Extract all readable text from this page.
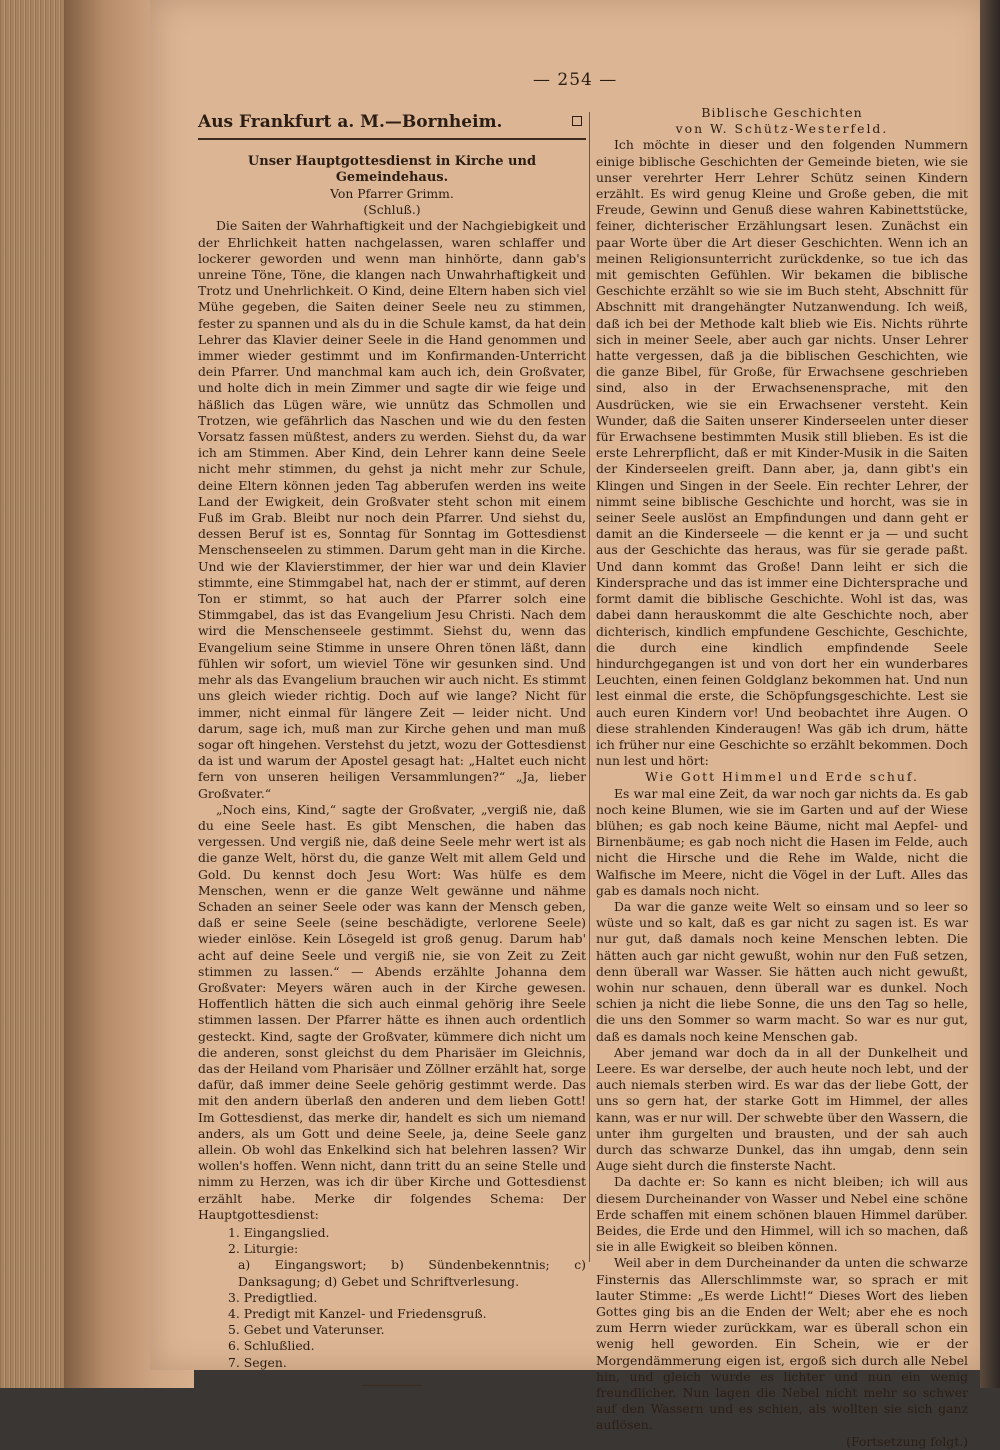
— 254 —
Aus Frankfurt a. M.—Bornheim.
Unser Hauptgottesdienst in Kirche und Gemeindehaus.
Von Pfarrer Grimm.
(Schluß.)

Die Saiten der Wahrhaftigkeit und der Nachgiebigkeit und der Ehrlichkeit hatten nachgelassen, waren schlaffer und lockerer geworden und wenn man hinhörte, dann gab's unreine Töne, Töne, die klangen nach Unwahrhaftigkeit und Trotz und Unehrlichkeit. O Kind, deine Eltern haben sich viel Mühe gegeben, die Saiten deiner Seele neu zu stimmen, fester zu spannen und als du in die Schule kamst, da hat dein Lehrer das Klavier deiner Seele in die Hand genommen und immer wieder gestimmt und im Konfirmanden-Unterricht dein Pfarrer. Und manchmal kam auch ich, dein Großvater, und holte dich in mein Zimmer und sagte dir wie feige und häßlich das Lügen wäre, wie unnütz das Schmollen und Trotzen, wie gefährlich das Naschen und wie du den festen Vorsatz fassen müßtest, anders zu werden. Siehst du, da war ich am Stimmen. Aber Kind, dein Lehrer kann deine Seele nicht mehr stimmen, du gehst ja nicht mehr zur Schule, deine Eltern können jeden Tag abberufen werden ins weite Land der Ewigkeit, dein Großvater steht schon mit einem Fuß im Grab. Bleibt nur noch dein Pfarrer. Und siehst du, dessen Beruf ist es, Sonntag für Sonntag im Gottesdienst Menschenseelen zu stimmen. Darum geht man in die Kirche. Und wie der Klavierstimmer, der hier war und dein Klavier stimmte, eine Stimmgabel hat, nach der er stimmt, auf deren Ton er stimmt, so hat auch der Pfarrer solch eine Stimmgabel, das ist das Evangelium Jesu Christi. Nach dem wird die Menschenseele gestimmt. Siehst du, wenn das Evangelium seine Stimme in unsere Ohren tönen läßt, dann fühlen wir sofort, um wieviel Töne wir gesunken sind. Und mehr als das Evangelium brauchen wir auch nicht. Es stimmt uns gleich wieder richtig. Doch auf wie lange? Nicht für immer, nicht einmal für längere Zeit — leider nicht. Und darum, sage ich, muß man zur Kirche gehen und man muß sogar oft hingehen. Verstehst du jetzt, wozu der Gottesdienst da ist und warum der Apostel gesagt hat: „Haltet euch nicht fern von unseren heiligen Versammlungen?“ „Ja, lieber Großvater.“

„Noch eins, Kind,“ sagte der Großvater, „vergiß nie, daß du eine Seele hast. Es gibt Menschen, die haben das vergessen. Und vergiß nie, daß deine Seele mehr wert ist als die ganze Welt, hörst du, die ganze Welt mit allem Geld und Gold. Du kennst doch Jesu Wort: Was hülfe es dem Menschen, wenn er die ganze Welt gewänne und nähme Schaden an seiner Seele oder was kann der Mensch geben, daß er seine Seele (seine beschädigte, verlorene Seele) wieder einlöse. Kein Lösegeld ist groß genug. Darum hab' acht auf deine Seele und vergiß nie, sie von Zeit zu Zeit stimmen zu lassen.“ — Abends erzählte Johanna dem Großvater: Meyers wären auch in der Kirche gewesen. Hoffentlich hätten die sich auch einmal gehörig ihre Seele stimmen lassen. Der Pfarrer hätte es ihnen auch ordentlich gesteckt. Kind, sagte der Großvater, kümmere dich nicht um die anderen, sonst gleichst du dem Pharisäer im Gleichnis, das der Heiland vom Pharisäer und Zöllner erzählt hat, sorge dafür, daß immer deine Seele gehörig gestimmt werde. Das mit den andern überlaß den anderen und dem lieben Gott! Im Gottesdienst, das merke dir, handelt es sich um niemand anders, als um Gott und deine Seele, ja, deine Seele ganz allein. Ob wohl das Enkelkind sich hat belehren lassen? Wir wollen's hoffen. Wenn nicht, dann tritt du an seine Stelle und nimm zu Herzen, was ich dir über Kirche und Gottesdienst erzählt habe. Merke dir folgendes Schema: Der Hauptgottesdienst:

1. Eingangslied.
2. Liturgie:
a) Eingangswort; b) Sündenbekenntnis; c) Danksagung; d) Gebet und Schriftverlesung.
3. Predigtlied.
4. Predigt mit Kanzel- und Friedensgruß.
5. Gebet und Vaterunser.
6. Schlußlied.
7. Segen.
Biblische Geschichten
von W. Schütz-Westerfeld.

Ich möchte in dieser und den folgenden Nummern einige biblische Geschichten der Gemeinde bieten, wie sie unser verehrter Herr Lehrer Schütz seinen Kindern erzählt. Es wird genug Kleine und Große geben, die mit Freude, Gewinn und Genuß diese wahren Kabinettstücke, feiner, dichterischer Erzählungsart lesen. Zunächst ein paar Worte über die Art dieser Geschichten. Wenn ich an meinen Religionsunterricht zurückdenke, so tue ich das mit gemischten Gefühlen. Wir bekamen die biblische Geschichte erzählt so wie sie im Buch steht, Abschnitt für Abschnitt mit drangehängter Nutzanwendung. Ich weiß, daß ich bei der Methode kalt blieb wie Eis. Nichts rührte sich in meiner Seele, aber auch gar nichts. Unser Lehrer hatte vergessen, daß ja die biblischen Geschichten, wie die ganze Bibel, für Große, für Erwachsene geschrieben sind, also in der Erwachsenensprache, mit den Ausdrücken, wie sie ein Erwachsener versteht. Kein Wunder, daß die Saiten unserer Kinderseelen unter dieser für Erwachsene bestimmten Musik still blieben. Es ist die erste Lehrerpflicht, daß er mit Kinder-Musik in die Saiten der Kinderseelen greift. Dann aber, ja, dann gibt's ein Klingen und Singen in der Seele. Ein rechter Lehrer, der nimmt seine biblische Geschichte und horcht, was sie in seiner Seele auslöst an Empfindungen und dann geht er damit an die Kinderseele — die kennt er ja — und sucht aus der Geschichte das heraus, was für sie gerade paßt. Und dann kommt das Große! Dann leiht er sich die Kindersprache und das ist immer eine Dichtersprache und formt damit die biblische Geschichte. Wohl ist das, was dabei dann herauskommt die alte Geschichte noch, aber dichterisch, kindlich empfundene Geschichte, Geschichte, die durch eine kindlich empfindende Seele hindurchgegangen ist und von dort her ein wunderbares Leuchten, einen feinen Goldglanz bekommen hat. Und nun lest einmal die erste, die Schöpfungsgeschichte. Lest sie auch euren Kindern vor! Und beobachtet ihre Augen. O diese strahlenden Kinderaugen! Was gäb ich drum, hätte ich früher nur eine Geschichte so erzählt bekommen. Doch nun lest und hört:

Wie Gott Himmel und Erde schuf.

Es war mal eine Zeit, da war noch gar nichts da. Es gab noch keine Blumen, wie sie im Garten und auf der Wiese blühen; es gab noch keine Bäume, nicht mal Aepfel- und Birnenbäume; es gab noch nicht die Hasen im Felde, auch nicht die Hirsche und die Rehe im Walde, nicht die Walfische im Meere, nicht die Vögel in der Luft. Alles das gab es damals noch nicht.

Da war die ganze weite Welt so einsam und so leer so wüste und so kalt, daß es gar nicht zu sagen ist. Es war nur gut, daß damals noch keine Menschen lebten. Die hätten auch gar nicht gewußt, wohin nur den Fuß setzen, denn überall war Wasser. Sie hätten auch nicht gewußt, wohin nur schauen, denn überall war es dunkel. Noch schien ja nicht die liebe Sonne, die uns den Tag so helle, die uns den Sommer so warm macht. So war es nur gut, daß es damals noch keine Menschen gab.

Aber jemand war doch da in all der Dunkelheit und Leere. Es war derselbe, der auch heute noch lebt, und der auch niemals sterben wird. Es war das der liebe Gott, der uns so gern hat, der starke Gott im Himmel, der alles kann, was er nur will. Der schwebte über den Wassern, die unter ihm gurgelten und brausten, und der sah auch durch das schwarze Dunkel, das ihn umgab, denn sein Auge sieht durch die finsterste Nacht.

Da dachte er: So kann es nicht bleiben; ich will aus diesem Durcheinander von Wasser und Nebel eine schöne Erde schaffen mit einem schönen blauen Himmel darüber. Beides, die Erde und den Himmel, will ich so machen, daß sie in alle Ewigkeit so bleiben können.

Weil aber in dem Durcheinander da unten die schwarze Finsternis das Allerschlimmste war, so sprach er mit lauter Stimme: „Es werde Licht!“ Dieses Wort des lieben Gottes ging bis an die Enden der Welt; aber ehe es noch zum Herrn wieder zurückkam, war es überall schon ein wenig hell geworden. Ein Schein, wie er der Morgendämmerung eigen ist, ergoß sich durch alle Nebel hin, und gleich wurde es lichter und nun ein wenig freundlicher. Nun lagen die Nebel nicht mehr so schwer auf den Wassern und es schien, als wollten sie sich ganz auflösen.

(Fortsetzung folgt.)
